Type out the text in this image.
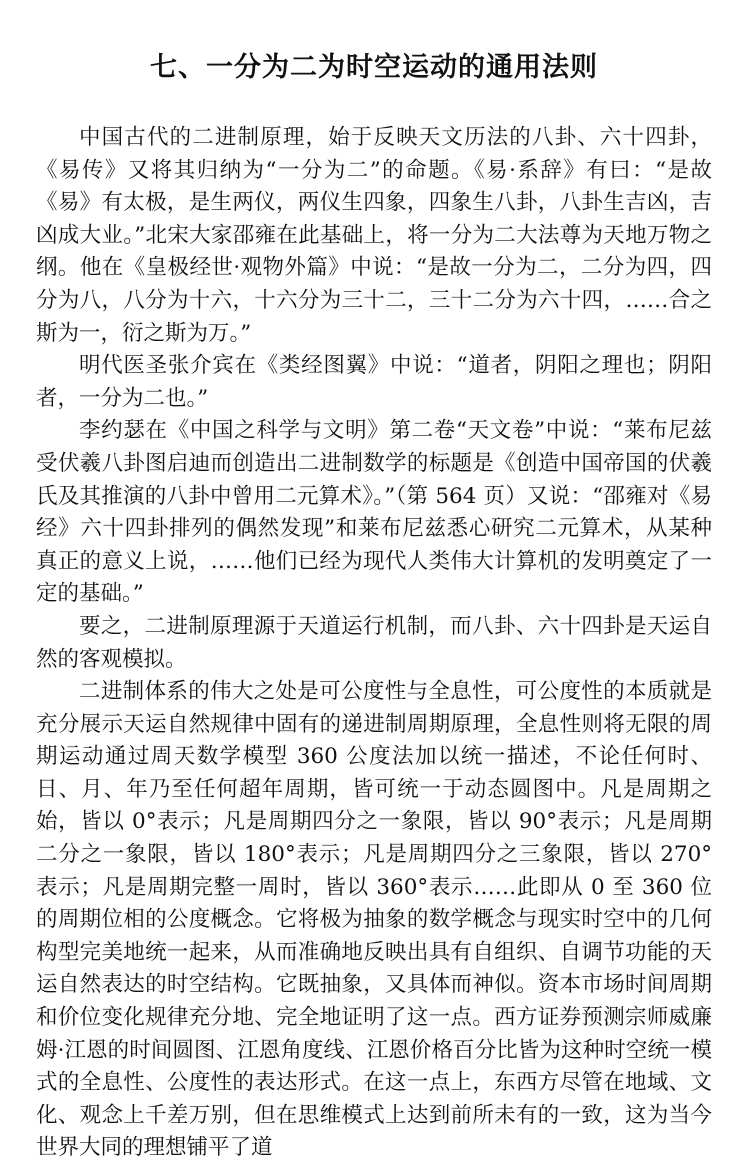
七、一分为二为时空运动的通用法则

中国古代的二进制原理，始于反映天文历法的八卦、六十四卦，《易传》又将其归纳为“一分为二”的命题。《易·系辞》有曰：“是故《易》有太极，是生两仪，两仪生四象，四象生八卦，八卦生吉凶，吉凶成大业。”北宋大家邵雍在此基础上，将一分为二大法尊为天地万物之纲。他在《皇极经世·观物外篇》中说：“是故一分为二，二分为四，四分为八，八分为十六，十六分为三十二，三十二分为六十四，……合之斯为一，衍之斯为万。”

明代医圣张介宾在《类经图翼》中说：“道者，阴阳之理也；阴阳者，一分为二也。”

李约瑟在《中国之科学与文明》第二卷“天文卷”中说：“莱布尼兹受伏羲八卦图启迪而创造出二进制数学的标题是《创造中国帝国的伏羲氏及其推演的八卦中曾用二元算术》。”（第 564 页）又说：“邵雍对《易经》六十四卦排列的偶然发现”和莱布尼兹悉心研究二元算术，从某种真正的意义上说，……他们已经为现代人类伟大计算机的发明奠定了一定的基础。”

要之，二进制原理源于天道运行机制，而八卦、六十四卦是天运自然的客观模拟。

二进制体系的伟大之处是可公度性与全息性，可公度性的本质就是充分展示天运自然规律中固有的递进制周期原理，全息性则将无限的周期运动通过周天数学模型 360 公度法加以统一描述，不论任何时、日、月、年乃至任何超年周期，皆可统一于动态圆图中。凡是周期之始，皆以 0°表示；凡是周期四分之一象限，皆以 90°表示；凡是周期二分之一象限，皆以 180°表示；凡是周期四分之三象限，皆以 270°表示；凡是周期完整一周时，皆以 360°表示……此即从 0 至 360 位的周期位相的公度概念。它将极为抽象的数学概念与现实时空中的几何构型完美地统一起来，从而准确地反映出具有自组织、自调节功能的天运自然表达的时空结构。它既抽象，又具体而神似。资本市场时间周期和价位变化规律充分地、完全地证明了这一点。西方证券预测宗师威廉姆·江恩的时间圆图、江恩角度线、江恩价格百分比皆为这种时空统一模式的全息性、公度性的表达形式。在这一点上，东西方尽管在地域、文化、观念上千差万别，但在思维模式上达到前所未有的一致，这为当今世界大同的理想铺平了道
